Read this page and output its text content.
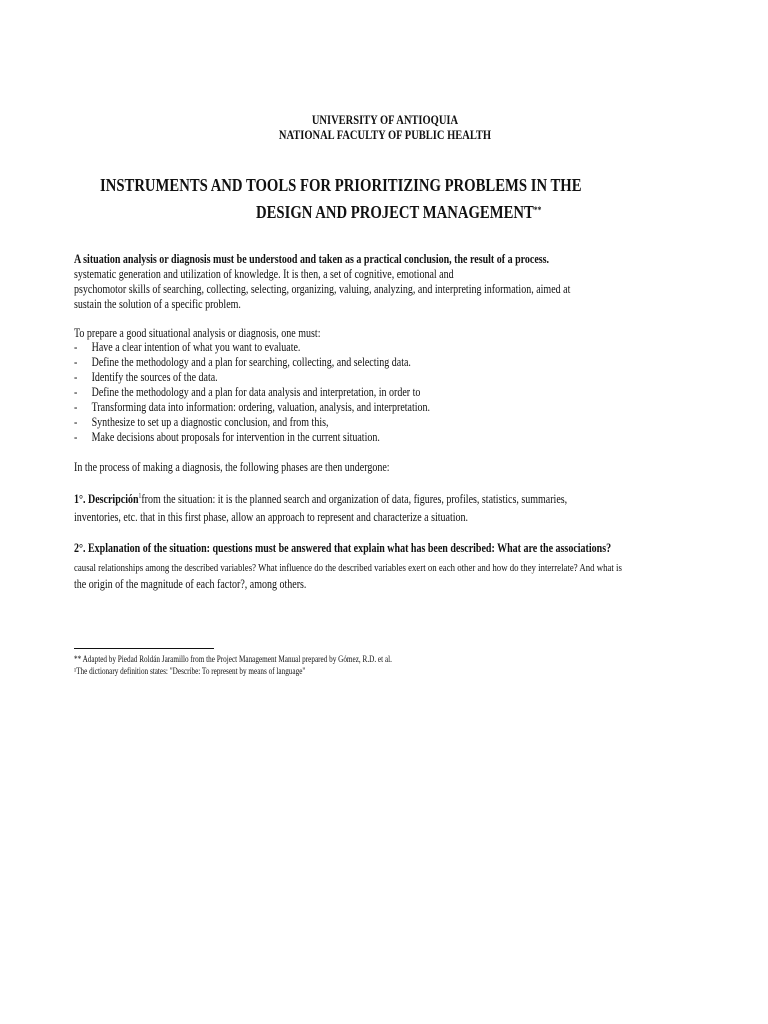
UNIVERSITY OF ANTIOQUIA
NATIONAL FACULTY OF PUBLIC HEALTH
INSTRUMENTS AND TOOLS FOR PRIORITIZING PROBLEMS IN THE
DESIGN AND PROJECT MANAGEMENT**
A situation analysis or diagnosis must be understood and taken as a practical conclusion, the result of a process.
systematic generation and utilization of knowledge. It is then, a set of cognitive, emotional and
psychomotor skills of searching, collecting, selecting, organizing, valuing, analyzing, and interpreting information, aimed at
sustain the solution of a specific problem.
To prepare a good situational analysis or diagnosis, one must:
-	Have a clear intention of what you want to evaluate.
-	Define the methodology and a plan for searching, collecting, and selecting data.
-	Identify the sources of the data.
-	Define the methodology and a plan for data analysis and interpretation, in order to
-	Transforming data into information: ordering, valuation, analysis, and interpretation.
-	Synthesize to set up a diagnostic conclusion, and from this,
-	Make decisions about proposals for intervention in the current situation.
In the process of making a diagnosis, the following phases are then undergone:
1°. Descripción$^1$from the situation: it is the planned search and organization of data, figures, profiles, statistics, summaries,
inventories, etc. that in this first phase, allow an approach to represent and characterize a situation.
2°. Explanation of the situation: questions must be answered that explain what has been described: What are the associations?
causal relationships among the described variables? What influence do the described variables exert on each other and how do they interrelate? And what is
the origin of the magnitude of each factor?, among others.
** Adapted by Piedad Roldán Jaramillo from the Project Management Manual prepared by Gómez, R.D. et al.
¹The dictionary definition states: "Describe: To represent by means of language"
